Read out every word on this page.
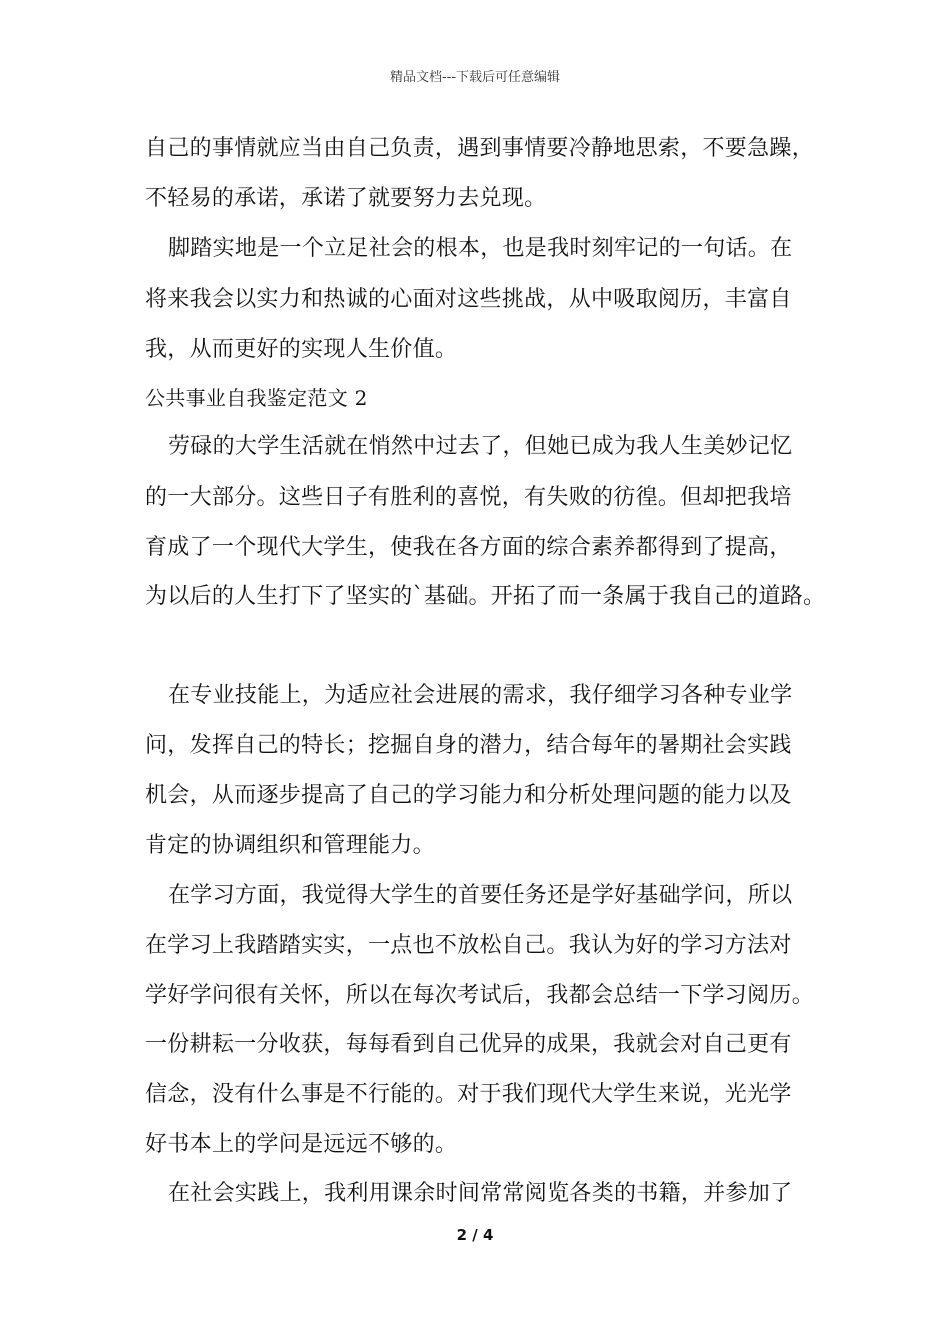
精品文档---下载后可任意编辑
自己的事情就应当由自己负责，遇到事情要冷静地思索，不要急躁，
不轻易的承诺，承诺了就要努力去兑现。
脚踏实地是一个立足社会的根本，也是我时刻牢记的一句话。在
将来我会以实力和热诚的心面对这些挑战，从中吸取阅历，丰富自
我，从而更好的实现人生价值。
公共事业自我鉴定范文 2
劳碌的大学生活就在悄然中过去了，但她已成为我人生美妙记忆
的一大部分。这些日子有胜利的喜悦，有失败的彷徨。但却把我培
育成了一个现代大学生，使我在各方面的综合素养都得到了提高，
为以后的人生打下了坚实的`基础。开拓了而一条属于我自己的道路。
在专业技能上，为适应社会进展的需求，我仔细学习各种专业学
问，发挥自己的特长；挖掘自身的潜力，结合每年的暑期社会实践
机会，从而逐步提高了自己的学习能力和分析处理问题的能力以及
肯定的协调组织和管理能力。
在学习方面，我觉得大学生的首要任务还是学好基础学问，所以
在学习上我踏踏实实，一点也不放松自己。我认为好的学习方法对
学好学问很有关怀，所以在每次考试后，我都会总结一下学习阅历。
一份耕耘一分收获，每每看到自己优异的成果，我就会对自己更有
信念，没有什么事是不行能的。对于我们现代大学生来说，光光学
好书本上的学问是远远不够的。
在社会实践上，我利用课余时间常常阅览各类的书籍，并参加了
2 / 4
